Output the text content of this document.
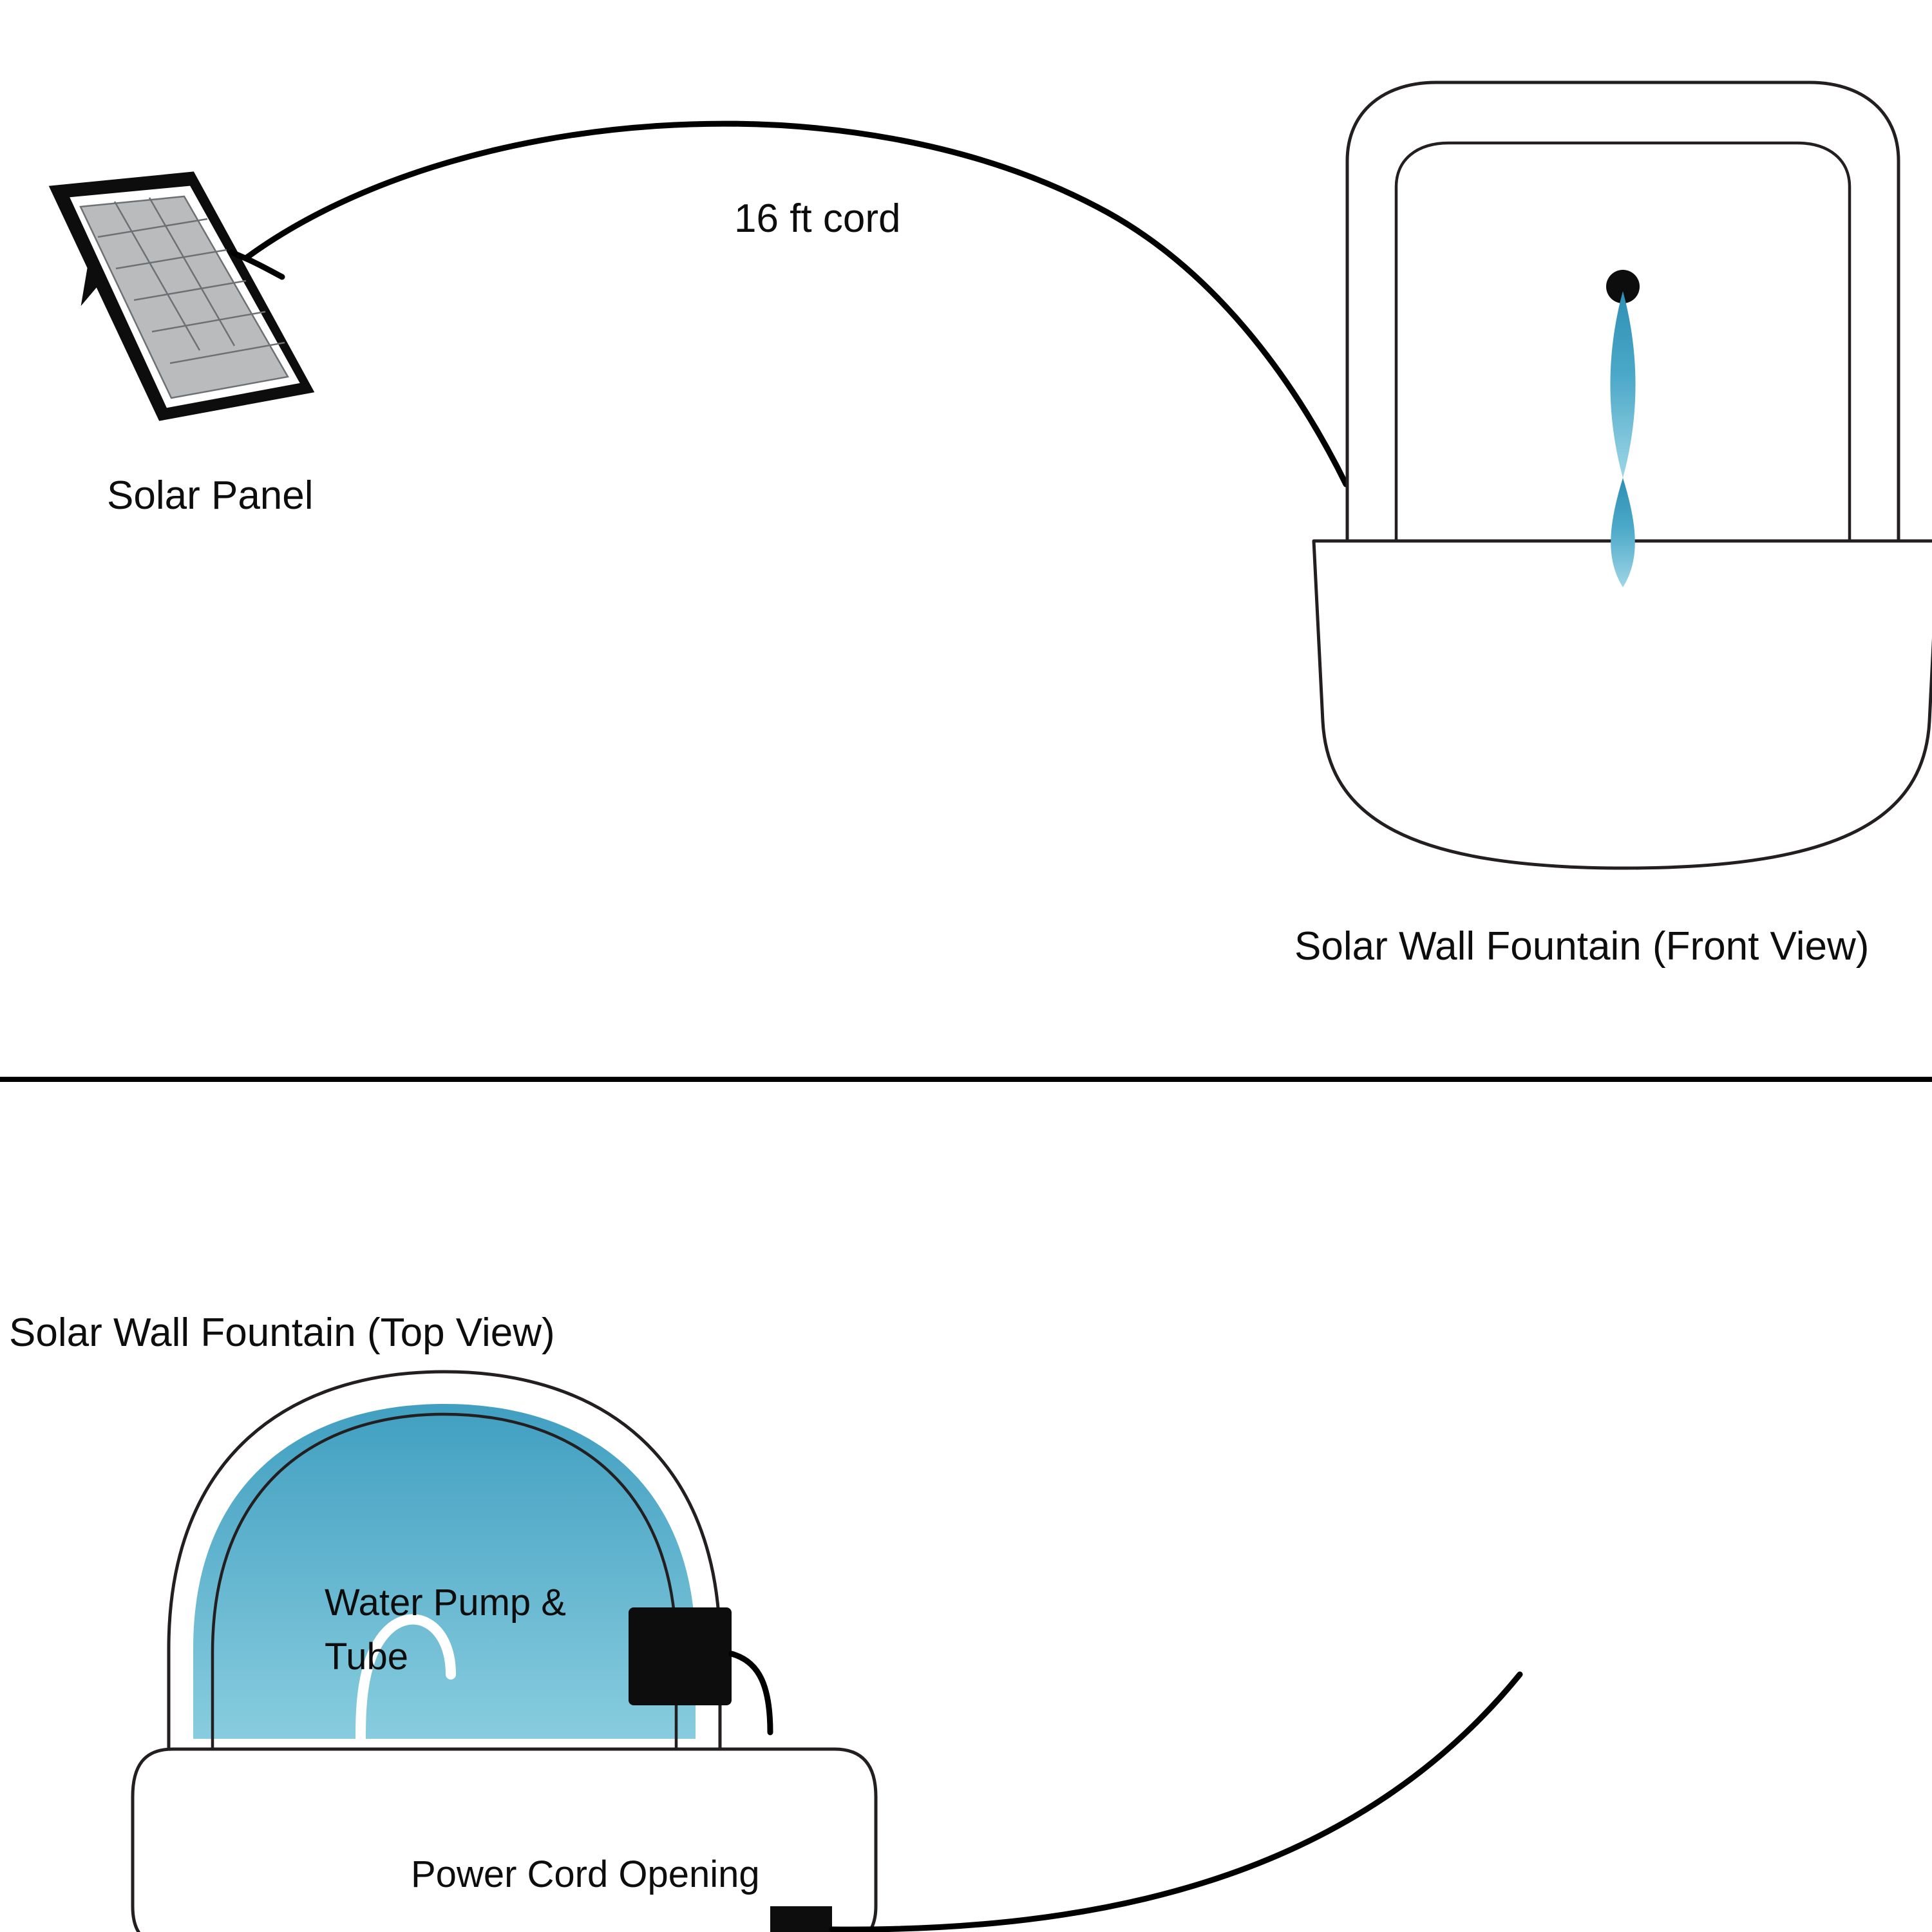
Solar Panel
16 ft cord
Solar Wall Fountain (Front View)
Solar Wall Fountain (Top View)
Water Pump &
Tube
Power Cord Opening
